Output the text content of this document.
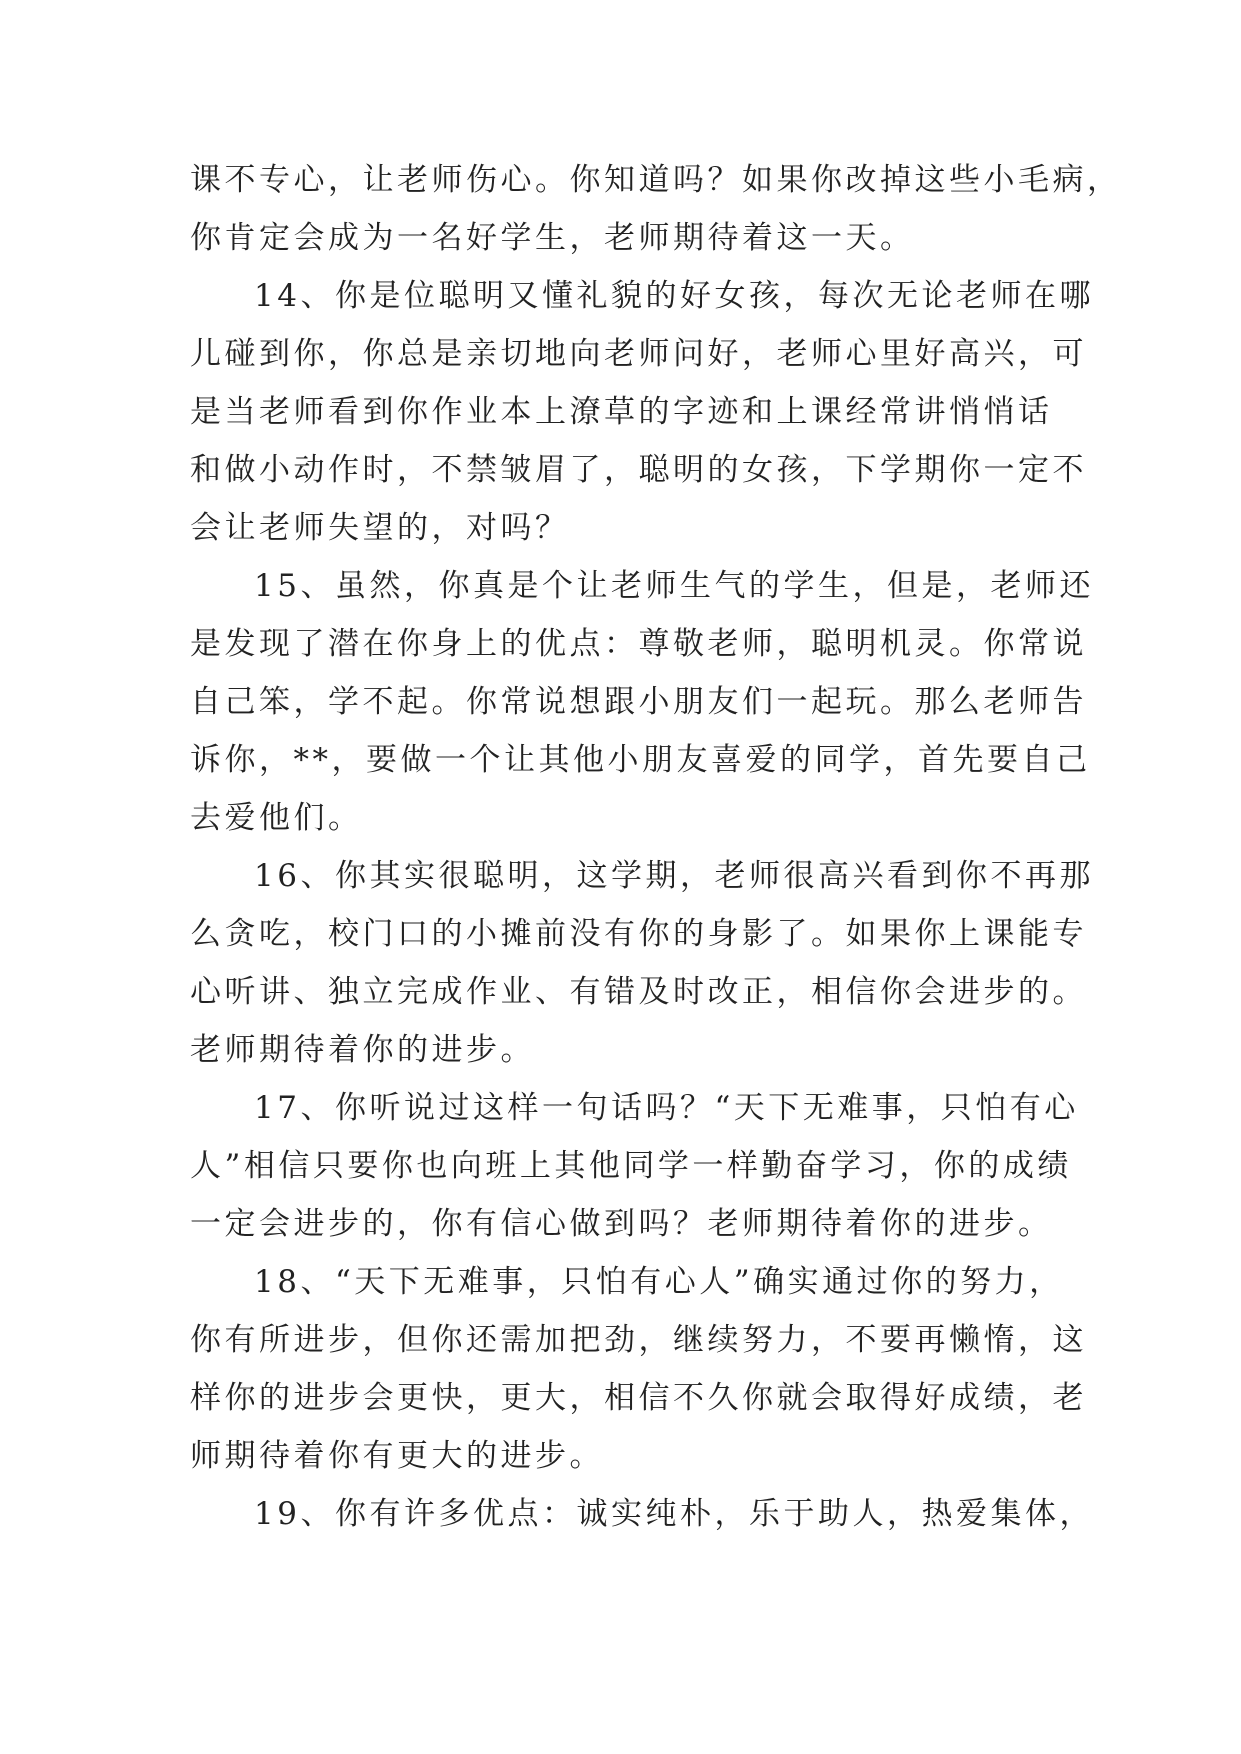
课不专心，让老师伤心。你知道吗？如果你改掉这些小毛病，

你肯定会成为一名好学生，老师期待着这一天。

14、你是位聪明又懂礼貌的好女孩，每次无论老师在哪

儿碰到你，你总是亲切地向老师问好，老师心里好高兴，可

是当老师看到你作业本上潦草的字迹和上课经常讲悄悄话

和做小动作时，不禁皱眉了，聪明的女孩，下学期你一定不

会让老师失望的，对吗？

15、虽然，你真是个让老师生气的学生，但是，老师还

是发现了潜在你身上的优点：尊敬老师，聪明机灵。你常说

自己笨，学不起。你常说想跟小朋友们一起玩。那么老师告

诉你，**，要做一个让其他小朋友喜爱的同学，首先要自己

去爱他们。

16、你其实很聪明，这学期，老师很高兴看到你不再那

么贪吃，校门口的小摊前没有你的身影了。如果你上课能专

心听讲、独立完成作业、有错及时改正，相信你会进步的。

老师期待着你的进步。

17、你听说过这样一句话吗？“天下无难事，只怕有心

人”相信只要你也向班上其他同学一样勤奋学习，你的成绩

一定会进步的，你有信心做到吗？老师期待着你的进步。

18、“天下无难事，只怕有心人”确实通过你的努力，

你有所进步，但你还需加把劲，继续努力，不要再懒惰，这

样你的进步会更快，更大，相信不久你就会取得好成绩，老

师期待着你有更大的进步。

19、你有许多优点：诚实纯朴，乐于助人，热爱集体，
